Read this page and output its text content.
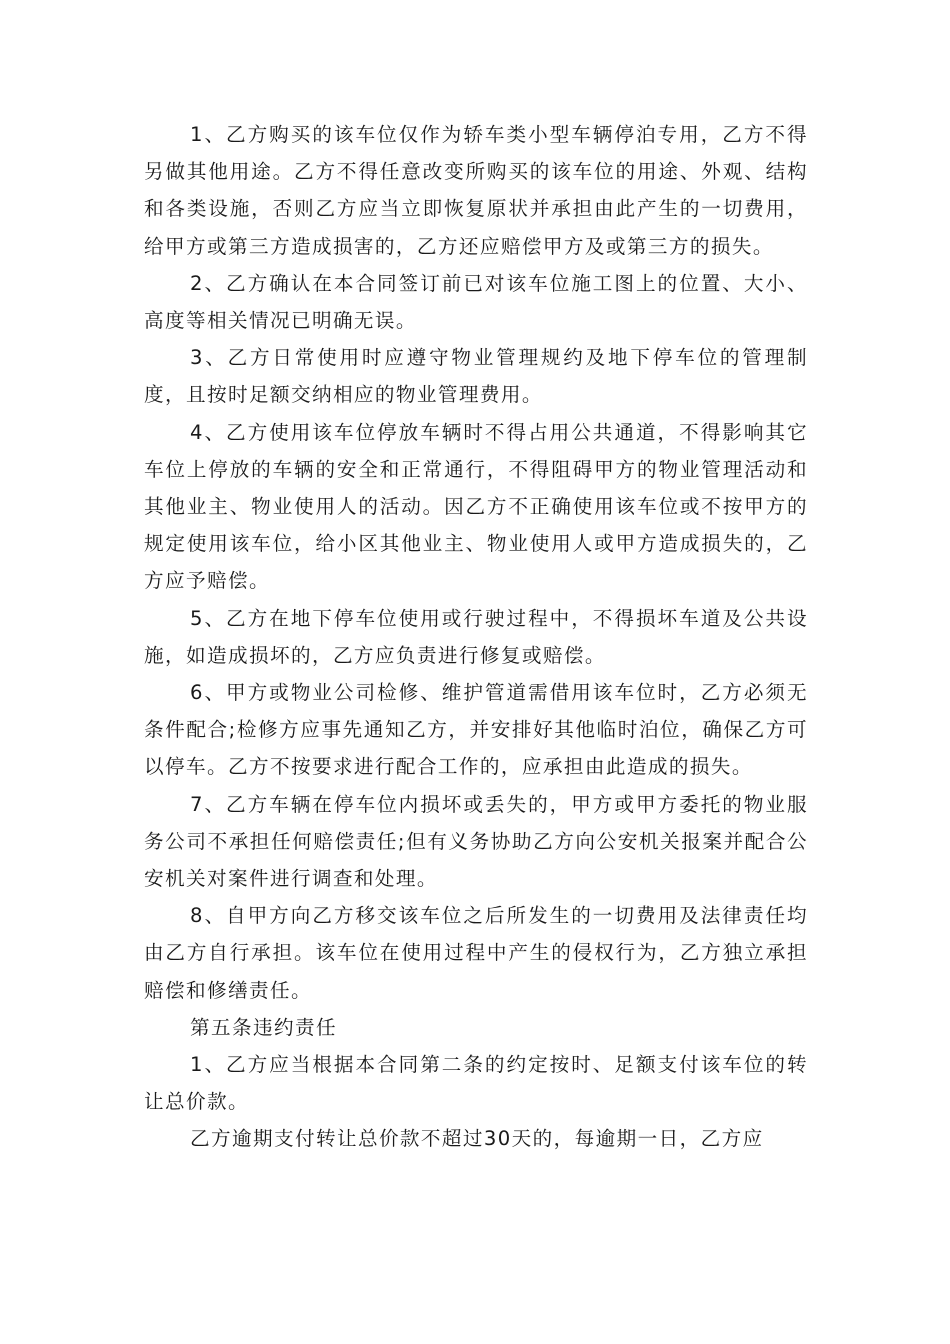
1、乙方购买的该车位仅作为轿车类小型车辆停泊专用，乙方不得另做其他用途。乙方不得任意改变所购买的该车位的用途、外观、结构和各类设施，否则乙方应当立即恢复原状并承担由此产生的一切费用，给甲方或第三方造成损害的，乙方还应赔偿甲方及或第三方的损失。

2、乙方确认在本合同签订前已对该车位施工图上的位置、大小、高度等相关情况已明确无误。

3、乙方日常使用时应遵守物业管理规约及地下停车位的管理制度，且按时足额交纳相应的物业管理费用。

4、乙方使用该车位停放车辆时不得占用公共通道，不得影响其它车位上停放的车辆的安全和正常通行，不得阻碍甲方的物业管理活动和其他业主、物业使用人的活动。因乙方不正确使用该车位或不按甲方的规定使用该车位，给小区其他业主、物业使用人或甲方造成损失的，乙方应予赔偿。

5、乙方在地下停车位使用或行驶过程中，不得损坏车道及公共设施，如造成损坏的，乙方应负责进行修复或赔偿。

6、甲方或物业公司检修、维护管道需借用该车位时，乙方必须无条件配合;检修方应事先通知乙方，并安排好其他临时泊位，确保乙方可以停车。乙方不按要求进行配合工作的，应承担由此造成的损失。

7、乙方车辆在停车位内损坏或丢失的，甲方或甲方委托的物业服务公司不承担任何赔偿责任;但有义务协助乙方向公安机关报案并配合公安机关对案件进行调查和处理。

8、自甲方向乙方移交该车位之后所发生的一切费用及法律责任均由乙方自行承担。该车位在使用过程中产生的侵权行为，乙方独立承担赔偿和修缮责任。

第五条违约责任

1、乙方应当根据本合同第二条的约定按时、足额支付该车位的转让总价款。

乙方逾期支付转让总价款不超过30天的，每逾期一日，乙方应
